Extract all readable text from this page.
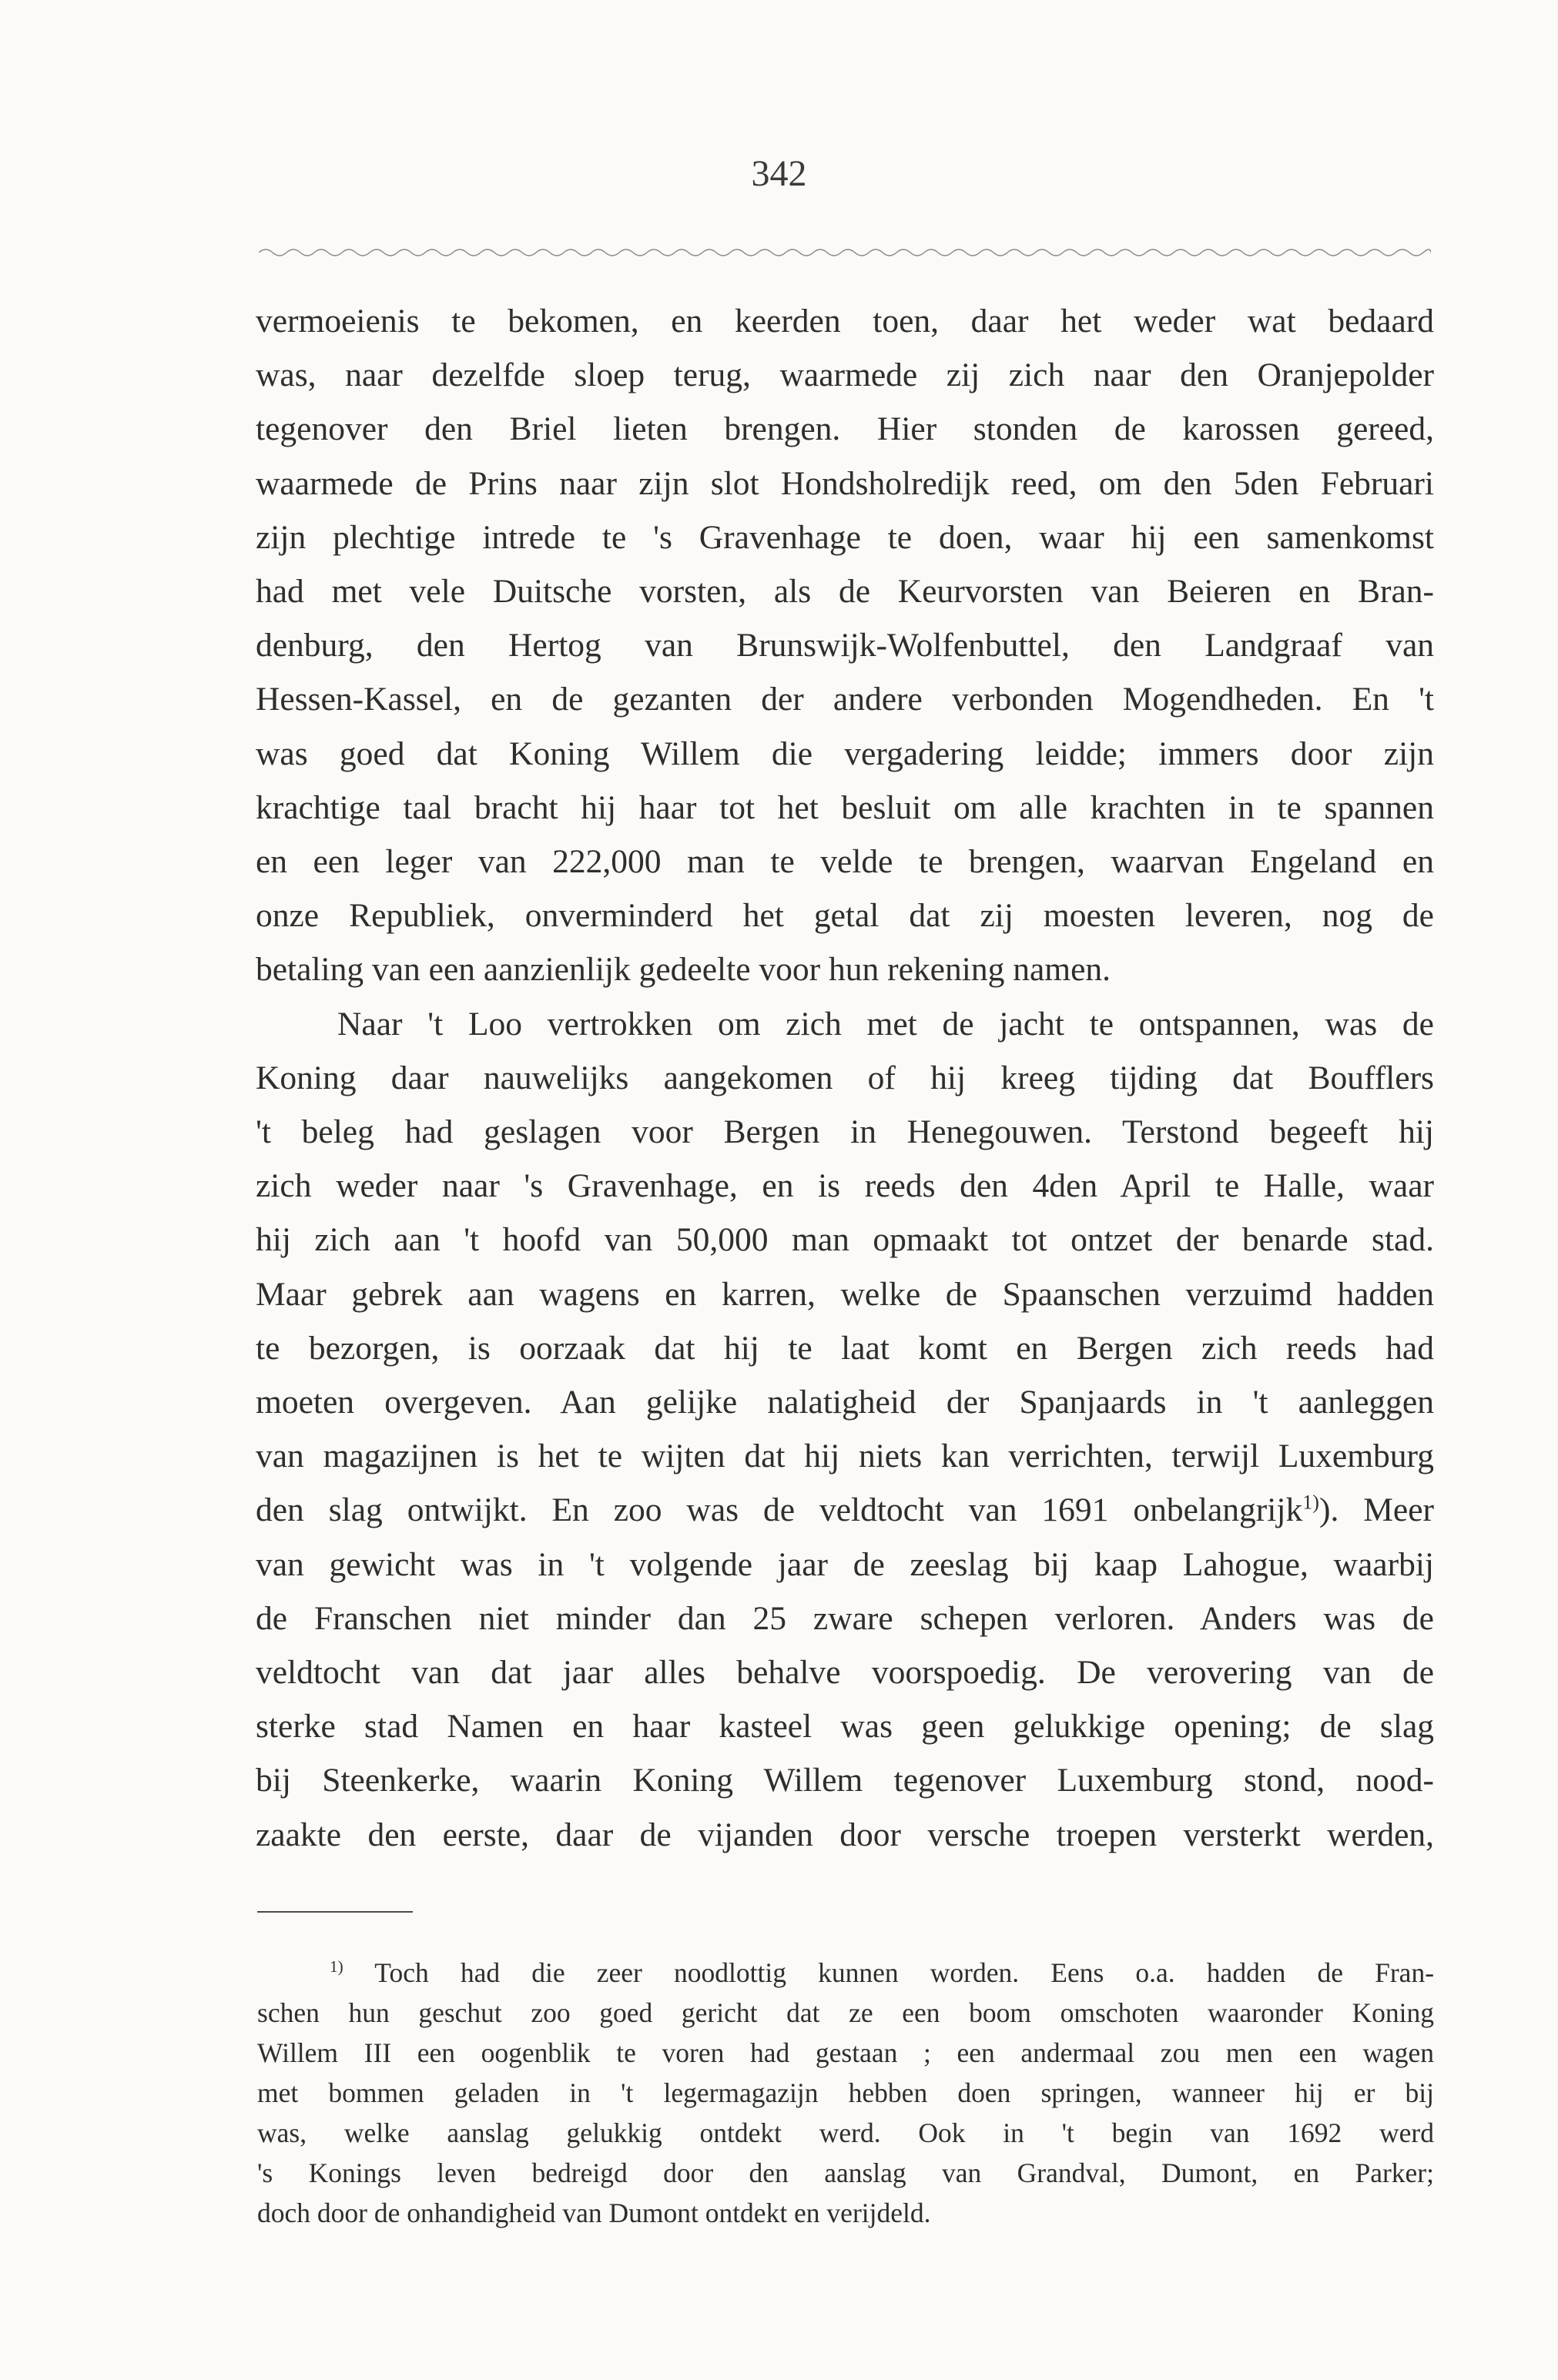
342
vermoeienis te bekomen, en keerden toen, daar het weder wat bedaard
was, naar dezelfde sloep terug, waarmede zij zich naar den Oranjepolder
tegenover den Briel lieten brengen. Hier stonden de karossen gereed,
waarmede de Prins naar zijn slot Hondsholredijk reed, om den 5den Februari
zijn plechtige intrede te 's Gravenhage te doen, waar hij een samenkomst
had met vele Duitsche vorsten, als de Keurvorsten van Beieren en Bran-
denburg, den Hertog van Brunswijk-Wolfenbuttel, den Landgraaf van
Hessen-Kassel, en de gezanten der andere verbonden Mogendheden. En 't
was goed dat Koning Willem die vergadering leidde; immers door zijn
krachtige taal bracht hij haar tot het besluit om alle krachten in te spannen
en een leger van 222,000 man te velde te brengen, waarvan Engeland en
onze Republiek, onverminderd het getal dat zij moesten leveren, nog de
betaling van een aanzienlijk gedeelte voor hun rekening namen.
Naar 't Loo vertrokken om zich met de jacht te ontspannen, was de
Koning daar nauwelijks aangekomen of hij kreeg tijding dat Boufflers
't beleg had geslagen voor Bergen in Henegouwen. Terstond begeeft hij
zich weder naar 's Gravenhage, en is reeds den 4den April te Halle, waar
hij zich aan 't hoofd van 50,000 man opmaakt tot ontzet der benarde stad.
Maar gebrek aan wagens en karren, welke de Spaanschen verzuimd hadden
te bezorgen, is oorzaak dat hij te laat komt en Bergen zich reeds had
moeten overgeven. Aan gelijke nalatigheid der Spanjaards in 't aanleggen
van magazijnen is het te wijten dat hij niets kan verrichten, terwijl Luxemburg
den slag ontwijkt. En zoo was de veldtocht van 1691 onbelangrijk$^{1)}$). Meer
van gewicht was in 't volgende jaar de zeeslag bij kaap Lahogue, waarbij
de Franschen niet minder dan 25 zware schepen verloren. Anders was de
veldtocht van dat jaar alles behalve voorspoedig. De verovering van de
sterke stad Namen en haar kasteel was geen gelukkige opening; de slag
bij Steenkerke, waarin Koning Willem tegenover Luxemburg stond, nood-
zaakte den eerste, daar de vijanden door versche troepen versterkt werden,
$^{1)}$ Toch had die zeer noodlottig kunnen worden. Eens o.a. hadden de Fran-
schen hun geschut zoo goed gericht dat ze een boom omschoten waaronder Koning
Willem III een oogenblik te voren had gestaan ; een andermaal zou men een wagen
met bommen geladen in 't legermagazijn hebben doen springen, wanneer hij er bij
was, welke aanslag gelukkig ontdekt werd. Ook in 't begin van 1692 werd
's Konings leven bedreigd door den aanslag van Grandval, Dumont, en Parker;
doch door de onhandigheid van Dumont ontdekt en verijdeld.
